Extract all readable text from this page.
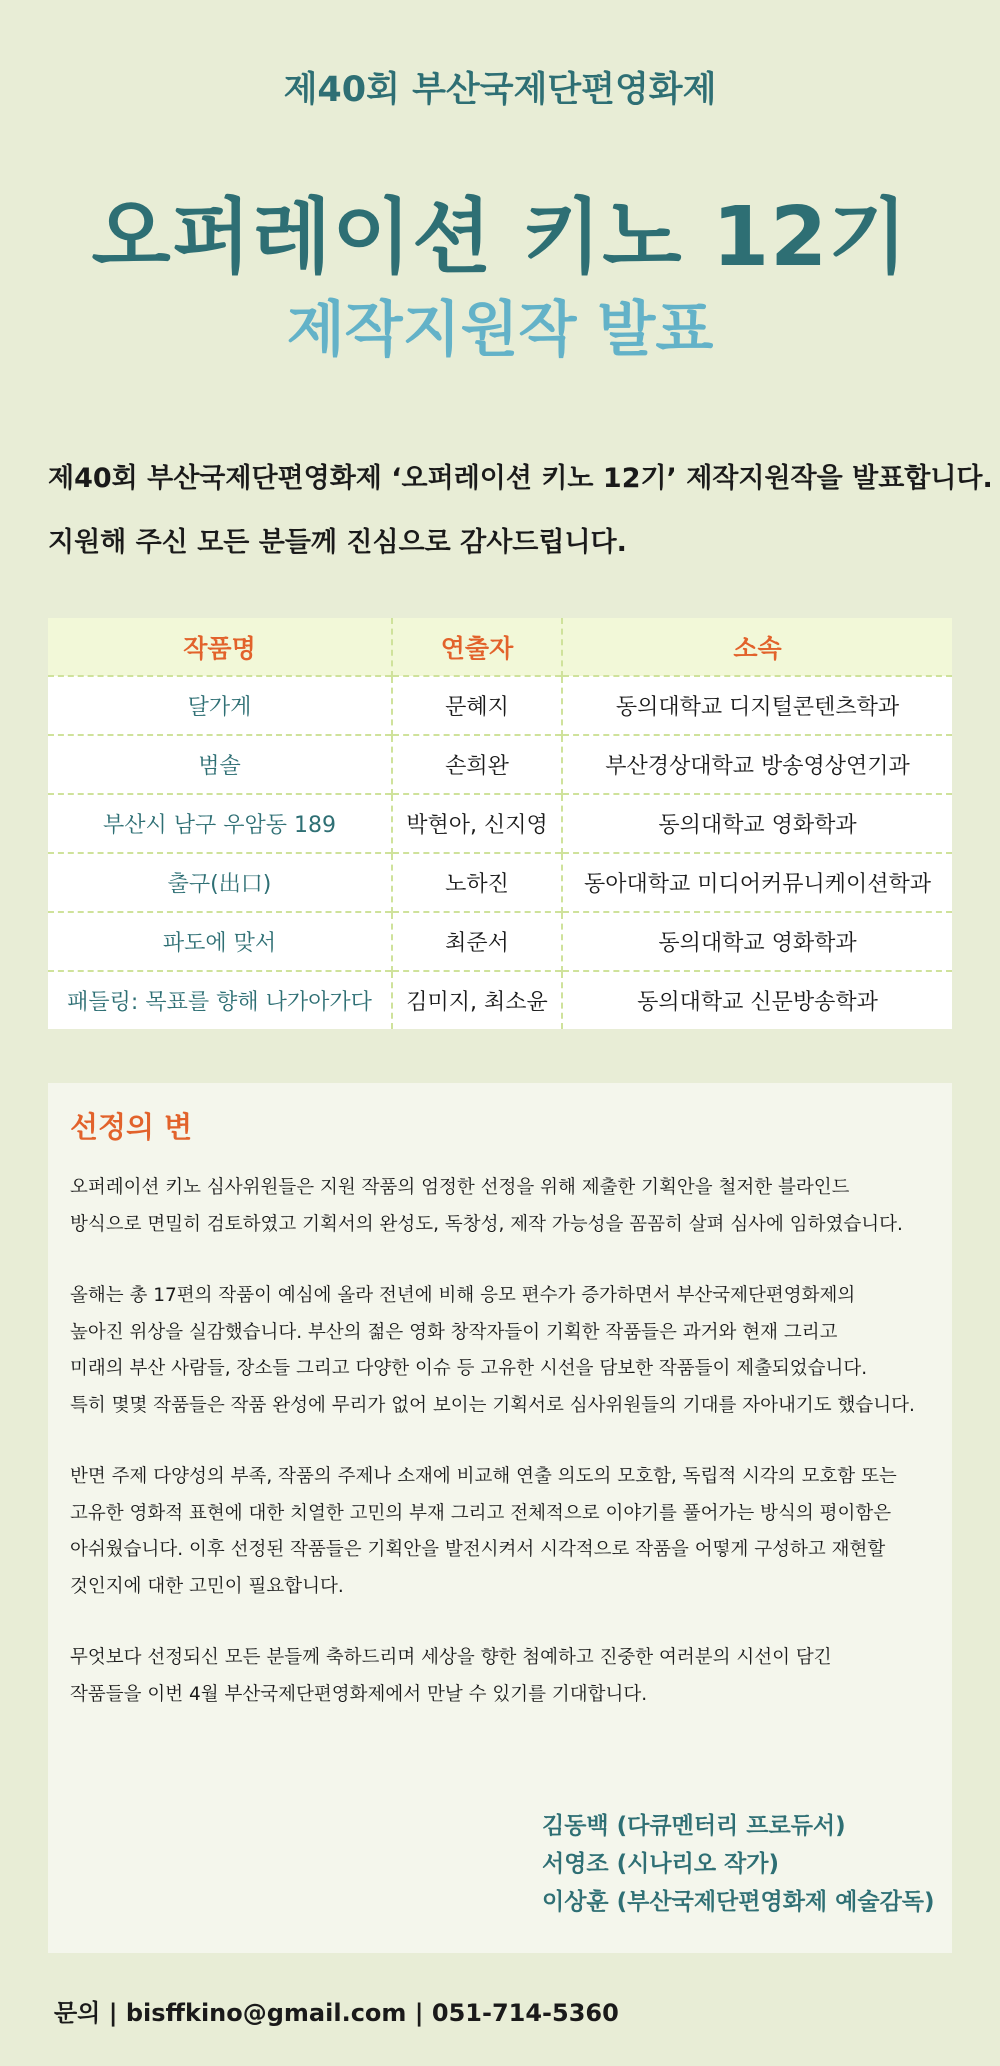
제40회 부산국제단편영화제
오퍼레이션 키노 12기
제작지원작 발표
제40회 부산국제단편영화제 ‘오퍼레이션 키노 12기’ 제작지원작을 발표합니다.
지원해 주신 모든 분들께 진심으로 감사드립니다.
작품명	연출자	소속
달가게	문혜지	동의대학교 디지털콘텐츠학과
범솔	손희완	부산경상대학교 방송영상연기과
부산시 남구 우암동 189	박현아, 신지영	동의대학교 영화학과
출구(出口)	노하진	동아대학교 미디어커뮤니케이션학과
파도에 맞서	최준서	동의대학교 영화학과
패들링: 목표를 향해 나가아가다	김미지, 최소윤	동의대학교 신문방송학과
선정의 변
오퍼레이션 키노 심사위원들은 지원 작품의 엄정한 선정을 위해 제출한 기획안을 철저한 블라인드
방식으로 면밀히 검토하였고 기획서의 완성도, 독창성, 제작 가능성을 꼼꼼히 살펴 심사에 임하였습니다.
올해는 총 17편의 작품이 예심에 올라 전년에 비해 응모 편수가 증가하면서 부산국제단편영화제의
높아진 위상을 실감했습니다. 부산의 젊은 영화 창작자들이 기획한 작품들은 과거와 현재 그리고
미래의 부산 사람들, 장소들 그리고 다양한 이슈 등 고유한 시선을 담보한 작품들이 제출되었습니다.
특히 몇몇 작품들은 작품 완성에 무리가 없어 보이는 기획서로 심사위원들의 기대를 자아내기도 했습니다.
반면 주제 다양성의 부족, 작품의 주제나 소재에 비교해 연출 의도의 모호함, 독립적 시각의 모호함 또는
고유한 영화적 표현에 대한 치열한 고민의 부재 그리고 전체적으로 이야기를 풀어가는 방식의 평이함은
아쉬웠습니다. 이후 선정된 작품들은 기획안을 발전시켜서 시각적으로 작품을 어떻게 구성하고 재현할
것인지에 대한 고민이 필요합니다.
무엇보다 선정되신 모든 분들께 축하드리며 세상을 향한 첨예하고 진중한 여러분의 시선이 담긴
작품들을 이번 4월 부산국제단편영화제에서 만날 수 있기를 기대합니다.
김동백 (다큐멘터리 프로듀서)
서영조 (시나리오 작가)
이상훈 (부산국제단편영화제 예술감독)
문의 | bisffkino@gmail.com | 051-714-5360
